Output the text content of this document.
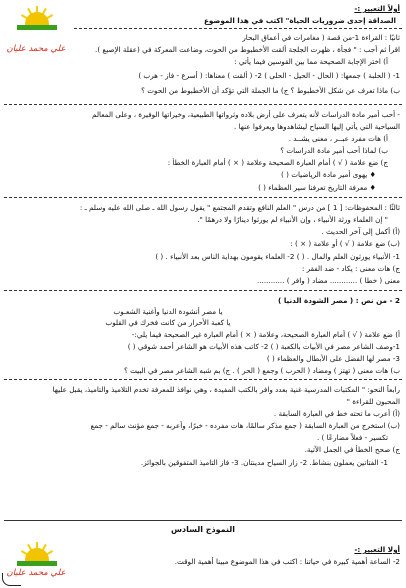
علي محمد عليان
أولاً التعبير :-
الصداقة إحدى ضروريات الحياة" اكتب في هذا الموضوع
ثانيًا : القراءة 1-من قصة ( مغامرات في أعماق البحار
اقرأ ثم أجب : " فجأة ، ظهرت الجلجة ألقت الأخطبوط من الحوت، وضاعت المعركة في (عقلة الإصبع ).
أ) اختر الإجابة الصحيحة مما بين القوسين فيما يأتي :
1- ( الحلبة ) جمعها: ( الحال - الحيل - الحلى ) 2- ( ألقت ) معناها: ( أسرع - فاز - هرب )
ب) ماذا تعرف عن شكل الأخطبوط ؟ ج) ما الجملة التي تؤكد أن الأخطبوط من الحوت ؟
- أحب أمير مادة الدراسات لأنه يتعرف على أرض بلاده وثرواتها الطبيعية، وخيراتها الوفيرة ، وعلى المعالم
السياحية التي يأتي إليها السياح ليشاهدوها ويعرفوا عنها .
أ) هات مفرد عبــر ، معنى يشــد .
ب) لماذا أحب أمير مادة الدراسات ؟
ج) ضع علامة ( √ ) أمام العبارة الصحيحة وعلامة ( × ) أمام العبارة الخطأ :
♦ يهوى أمير مادة الرياضيات ( )
♦ معرفة التاريخ تعرفنا سير العظماء ( )
ثالثًا : المحفوظات: [ 1 ] من درس " العلم النافع وتقدم المجتمع " يقول رسول الله ـ صلى الله عليه وسلم ـ :
" إن العلماء ورثة الأنبياء ، وإن الأنبياء لم يورثوا دينارًا ولا درهمًا ".
(أ) أكمل إلى آخر الحديث .
(ب) ضع علامة ( √ ) أو علامة ( × ) :
1- الأنبياء يورثون العلم والمال . ( ) 2- العلماء يقومون بهداية الناس بعد الأنبياء . ( )
ج) هات معنى : يكاد - ضد الفقر :
معنى ( خطا ) ............ مضاد ( وافر ) ............
2 - من نص : ( مصر الشودة الدنيا )
يا مصر أنشودة الدنيا وأغنية الشعـوب
يا كعبة الأحرار من كانت فخرك في القلوب
أ) ضع علامة ( √ ) أمام العبارة الصحيحة، وعلامة ( × ) أمام العبارة غير الصحيحة فيما يلي:-
1-وصف الشاعر مصر في الأبيات بالكعبة ( ) 2- كاتب هذه الأبيات هو الشاعر أحمد شوقي ( )
3- مصر لها الفضل على الأبطال والعظماء ( )
ب) هات معنى ( تهتز ) ومضاد ( الحرب ) وجمع ( الحر ) . ج) بم شبه الشاعر مصر في البيت ؟
رابعاً النحو: " المكتبات المدرسية غنية بعدد وافر بالكتب المفيدة ، وهي نوافذ للمعرفة تخدم التلاميذ والتاميذ، يقبل عليها
المحبون للقراءة "
(أ) أعرب ما تحته خط في العبارة السابقة .
(ب) استخرج من العبارة السابقة ( جمع مذكر سالمًا، هات مفرده - خبرًا، وأعربه - جمع مؤنث سالم - جمع
تكسير - فعلاً مضارعًا ) .
ج) صحح الخطأ في الجمل الآتية.
1- الفتاتين يعملون بنشاط. 2- زار السياح مدينتان. 3- فاز التاميذ المتفوقين بالجوائز.
النموذج السادس
علي محمد عليان
أولا التعبير :-
2- الساعة أهمية كبيرة في حياتنا : اكتب في هذا الموضوع مبينا أهمية الوقت.
